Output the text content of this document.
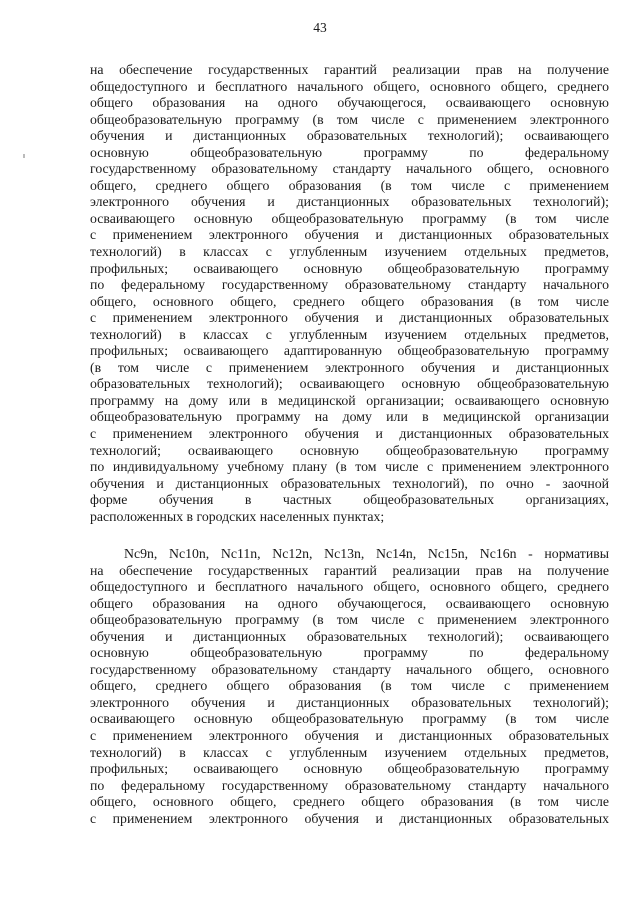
43
на обеспечение государственных гарантий реализации прав на получение
общедоступного и бесплатного начального общего, основного общего, среднего
общего образования на одного обучающегося, осваивающего основную
общеобразовательную программу (в том числе с применением электронного
обучения и дистанционных образовательных технологий); осваивающего
основную общеобразовательную программу по федеральному
государственному образовательному стандарту начального общего, основного
общего, среднего общего образования (в том числе с применением
электронного обучения и дистанционных образовательных технологий);
осваивающего основную общеобразовательную программу (в том числе
с применением электронного обучения и дистанционных образовательных
технологий) в классах с углубленным изучением отдельных предметов,
профильных; осваивающего основную общеобразовательную программу
по федеральному государственному образовательному стандарту начального
общего, основного общего, среднего общего образования (в том числе
с применением электронного обучения и дистанционных образовательных
технологий) в классах с углубленным изучением отдельных предметов,
профильных; осваивающего адаптированную общеобразовательную программу
(в том числе с применением электронного обучения и дистанционных
образовательных технологий); осваивающего основную общеобразовательную
программу на дому или в медицинской организации; осваивающего основную
общеобразовательную программу на дому или в медицинской организации
с применением электронного обучения и дистанционных образовательных
технологий; осваивающего основную общеобразовательную программу
по индивидуальному учебному плану (в том числе с применением электронного
обучения и дистанционных образовательных технологий), по очно - заочной
форме обучения в частных общеобразовательных организациях,
расположенных в городских населенных пунктах;
Nc9n, Nc10n, Nc11n, Nc12n, Nc13n, Nc14n, Nc15n, Nc16n - нормативы
на обеспечение государственных гарантий реализации прав на получение
общедоступного и бесплатного начального общего, основного общего, среднего
общего образования на одного обучающегося, осваивающего основную
общеобразовательную программу (в том числе с применением электронного
обучения и дистанционных образовательных технологий); осваивающего
основную общеобразовательную программу по федеральному
государственному образовательному стандарту начального общего, основного
общего, среднего общего образования (в том числе с применением
электронного обучения и дистанционных образовательных технологий);
осваивающего основную общеобразовательную программу (в том числе
с применением электронного обучения и дистанционных образовательных
технологий) в классах с углубленным изучением отдельных предметов,
профильных; осваивающего основную общеобразовательную программу
по федеральному государственному образовательному стандарту начального
общего, основного общего, среднего общего образования (в том числе
с применением электронного обучения и дистанционных образовательных
